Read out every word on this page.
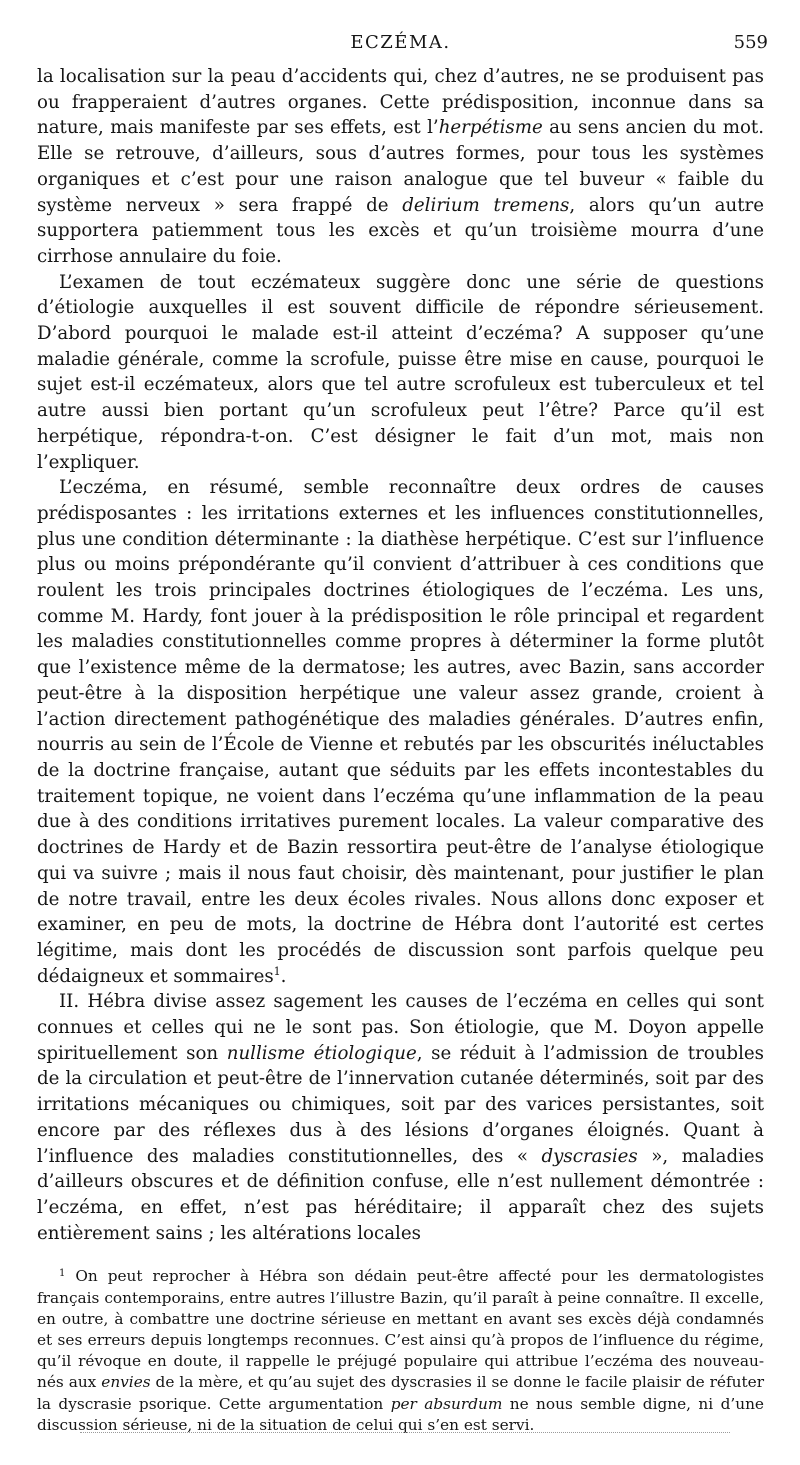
ECZÉMA.	559

la localisation sur la peau d’accidents qui, chez d’autres, ne se produisent pas ou frapperaient d’autres organes. Cette prédisposition, inconnue dans sa nature, mais manifeste par ses effets, est l’herpétisme au sens ancien du mot. Elle se retrouve, d’ailleurs, sous d’autres formes, pour tous les systèmes organiques et c’est pour une raison analogue que tel buveur « faible du système nerveux » sera frappé de delirium tremens, alors qu’un autre supportera patiemment tous les excès et qu’un troisième mourra d’une cirrhose annulaire du foie.

L’examen de tout eczémateux suggère donc une série de questions d’étiologie auxquelles il est souvent difficile de répondre sérieusement. D’abord pourquoi le malade est-il atteint d’eczéma? A supposer qu’une maladie générale, comme la scrofule, puisse être mise en cause, pourquoi le sujet est-il eczémateux, alors que tel autre scrofuleux est tuberculeux et tel autre aussi bien portant qu’un scrofuleux peut l’être? Parce qu’il est herpétique, répondra-t-on. C’est désigner le fait d’un mot, mais non l’expliquer.

L’eczéma, en résumé, semble reconnaître deux ordres de causes prédisposantes : les irritations externes et les influences constitutionnelles, plus une condition déterminante : la diathèse herpétique. C’est sur l’influence plus ou moins prépondérante qu’il convient d’attribuer à ces conditions que roulent les trois principales doctrines étiologiques de l’eczéma. Les uns, comme M. Hardy, font jouer à la prédisposition le rôle principal et regardent les maladies constitutionnelles comme propres à déterminer la forme plutôt que l’existence même de la dermatose; les autres, avec Bazin, sans accorder peut-être à la disposition herpétique une valeur assez grande, croient à l’action directement pathogénétique des maladies générales. D’autres enfin, nourris au sein de l’École de Vienne et rebutés par les obscurités inéluctables de la doctrine française, autant que séduits par les effets incontestables du traitement topique, ne voient dans l’eczéma qu’une inflammation de la peau due à des conditions irritatives purement locales. La valeur comparative des doctrines de Hardy et de Bazin ressortira peut-être de l’analyse étiologique qui va suivre ; mais il nous faut choisir, dès maintenant, pour justifier le plan de notre travail, entre les deux écoles rivales. Nous allons donc exposer et examiner, en peu de mots, la doctrine de Hébra dont l’autorité est certes légitime, mais dont les procédés de discussion sont parfois quelque peu dédaigneux et sommaires$^1$.

II. Hébra divise assez sagement les causes de l’eczéma en celles qui sont connues et celles qui ne le sont pas. Son étiologie, que M. Doyon appelle spirituellement son nullisme étiologique, se réduit à l’admission de troubles de la circulation et peut-être de l’innervation cutanée déterminés, soit par des irritations mécaniques ou chimiques, soit par des varices persistantes, soit encore par des réflexes dus à des lésions d’organes éloignés. Quant à l’influence des maladies constitutionnelles, des « dyscrasies », maladies d’ailleurs obscures et de définition confuse, elle n’est nullement démontrée : l’eczéma, en effet, n’est pas héréditaire; il apparaît chez des sujets entièrement sains ; les altérations locales

$^1$ On peut reprocher à Hébra son dédain peut-être affecté pour les dermatologistes français contemporains, entre autres l’illustre Bazin, qu’il paraît à peine connaître. Il excelle, en outre, à combattre une doctrine sérieuse en mettant en avant ses excès déjà condamnés et ses erreurs depuis longtemps reconnues. C’est ainsi qu’à propos de l’influence du régime, qu’il révoque en doute, il rappelle le préjugé populaire qui attribue l’eczéma des nouveau-nés aux envies de la mère, et qu’au sujet des dyscrasies il se donne le facile plaisir de réfuter la dyscrasie psorique. Cette argumentation per absurdum ne nous semble digne, ni d’une discussion sérieuse, ni de la situation de celui qui s’en est servi.
